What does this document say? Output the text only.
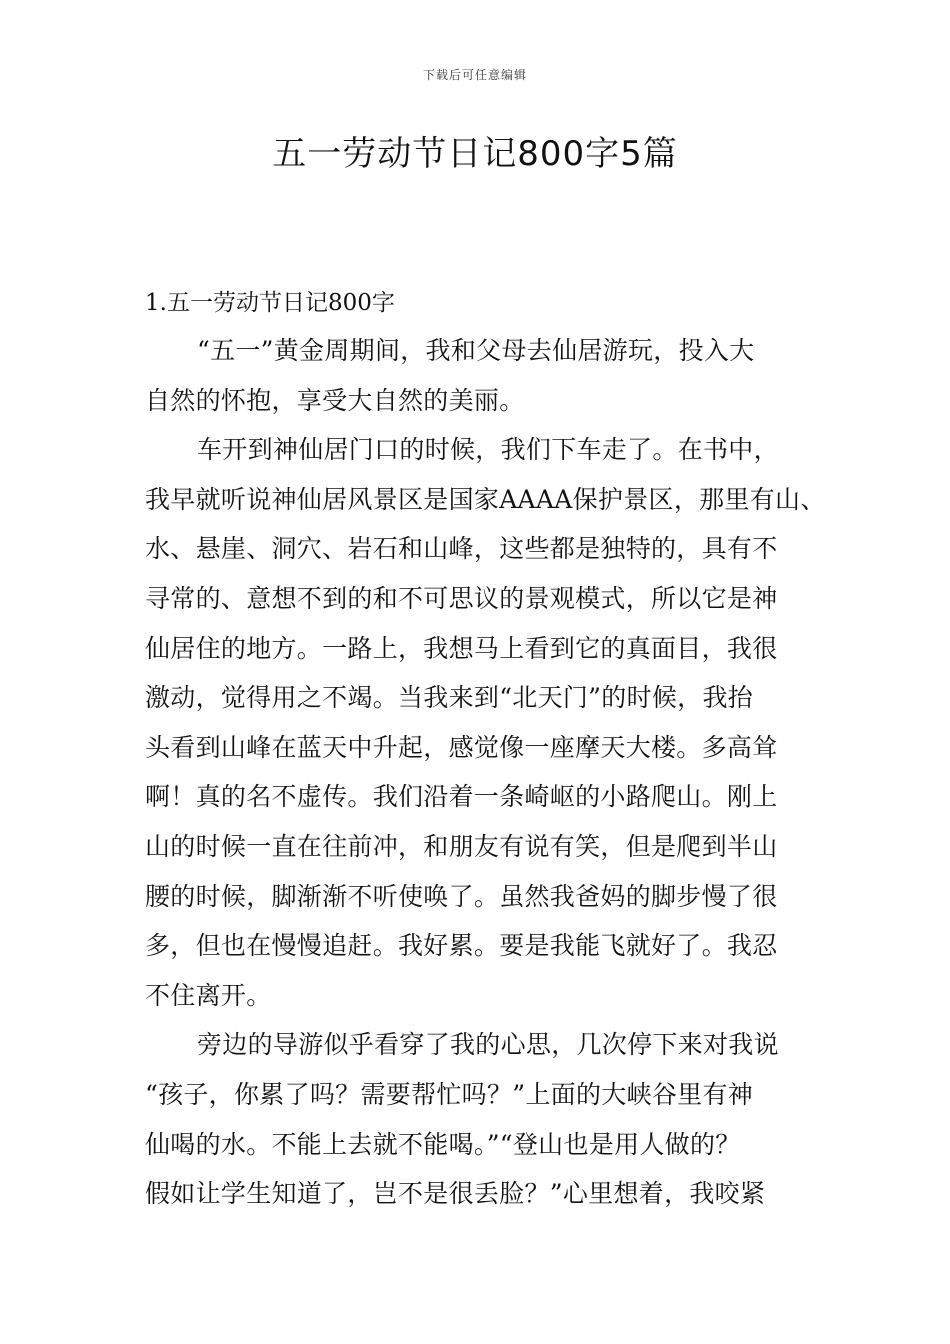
下载后可任意编辑
五一劳动节日记800字5篇
1.五一劳动节日记800字
“五一”黄金周期间，我和父母去仙居游玩，投入大
自然的怀抱，享受大自然的美丽。
车开到神仙居门口的时候，我们下车走了。在书中，
我早就听说神仙居风景区是国家AAAA保护景区，那里有山、
水、悬崖、洞穴、岩石和山峰，这些都是独特的，具有不
寻常的、意想不到的和不可思议的景观模式，所以它是神
仙居住的地方。一路上，我想马上看到它的真面目，我很
激动，觉得用之不竭。当我来到“北天门”的时候，我抬
头看到山峰在蓝天中升起，感觉像一座摩天大楼。多高耸
啊！真的名不虚传。我们沿着一条崎岖的小路爬山。刚上
山的时候一直在往前冲，和朋友有说有笑，但是爬到半山
腰的时候，脚渐渐不听使唤了。虽然我爸妈的脚步慢了很
多，但也在慢慢追赶。我好累。要是我能飞就好了。我忍
不住离开。
旁边的导游似乎看穿了我的心思，几次停下来对我说
“孩子，你累了吗？需要帮忙吗？”上面的大峡谷里有神
仙喝的水。不能上去就不能喝。”“登山也是用人做的？
假如让学生知道了，岂不是很丢脸？”心里想着，我咬紧
